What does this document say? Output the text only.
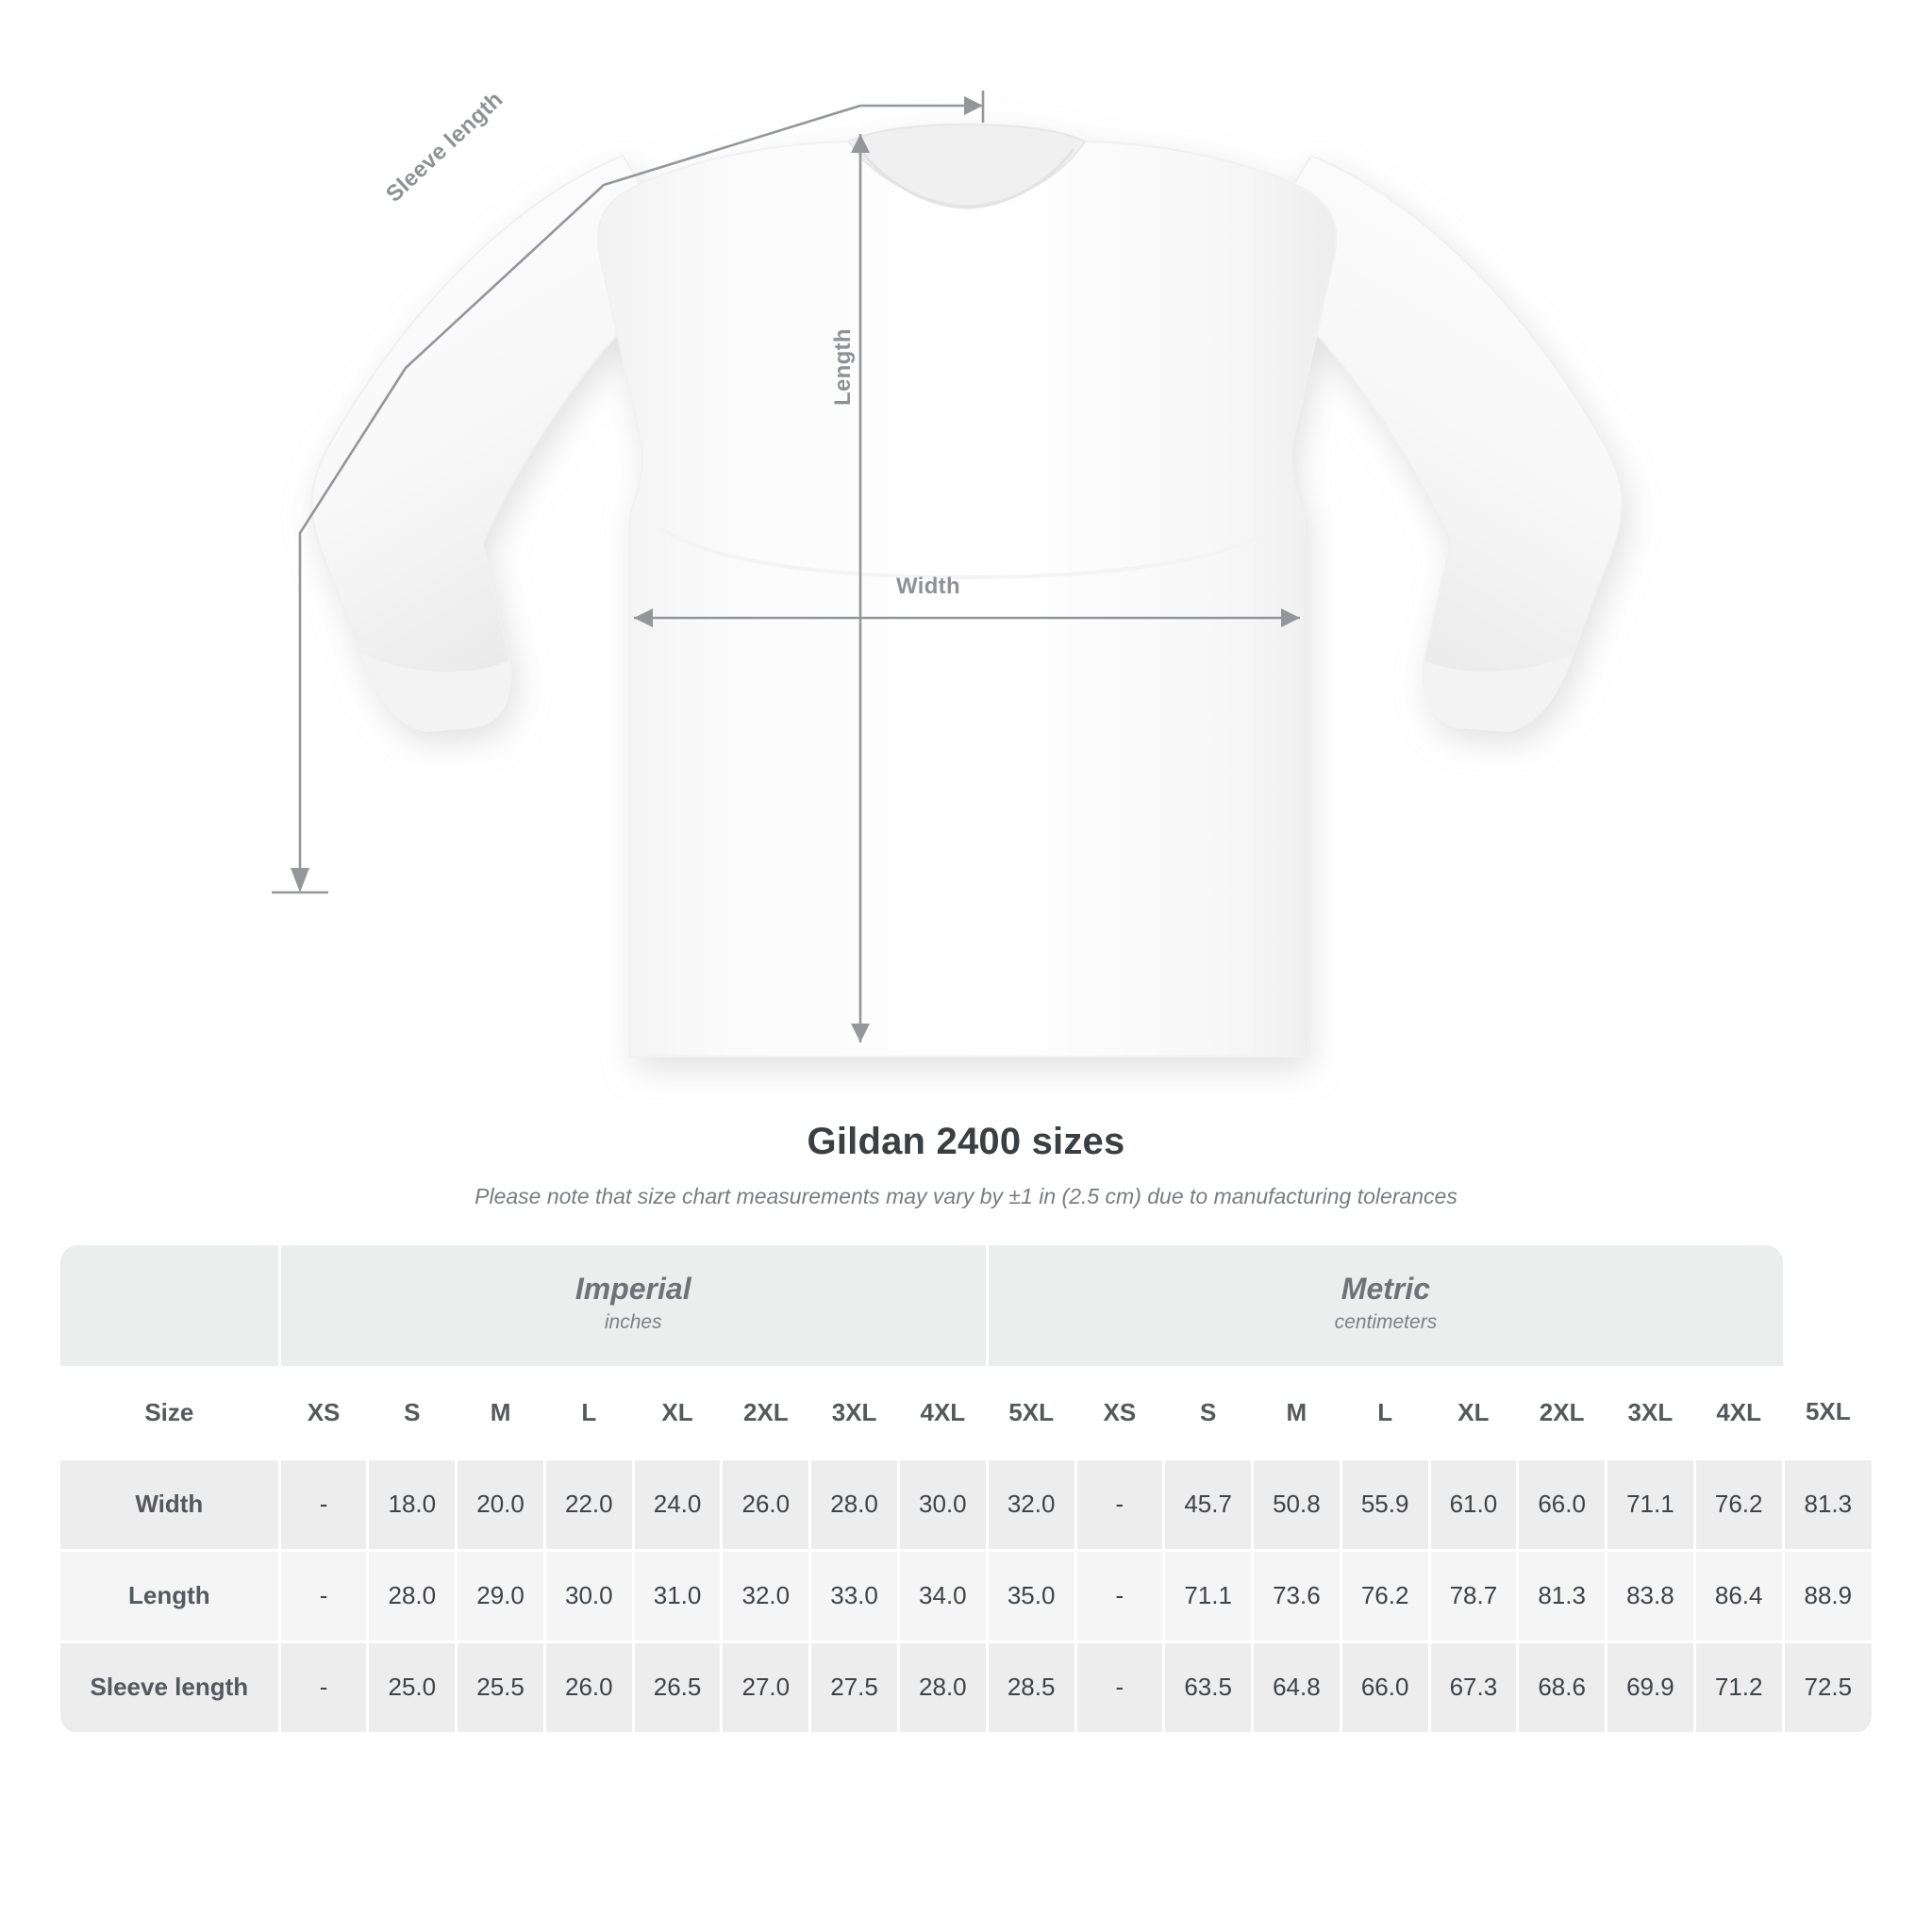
Width
Length
Sleeve length
Gildan 2400 sizes

Please note that size chart measurements may vary by ±1 in (2.5 cm) due to manufacturing tolerances

Imperial
inches

Metric
centimeters

Size	XS	S	M	L	XL	2XL	3XL	4XL	5XL	XS	S	M	L	XL	2XL	3XL	4XL	5XL
Width	-	18.0	20.0	22.0	24.0	26.0	28.0	30.0	32.0	-	45.7	50.8	55.9	61.0	66.0	71.1	76.2	81.3
Length	-	28.0	29.0	30.0	31.0	32.0	33.0	34.0	35.0	-	71.1	73.6	76.2	78.7	81.3	83.8	86.4	88.9
Sleeve length	-	25.0	25.5	26.0	26.5	27.0	27.5	28.0	28.5	-	63.5	64.8	66.0	67.3	68.6	69.9	71.2	72.5
